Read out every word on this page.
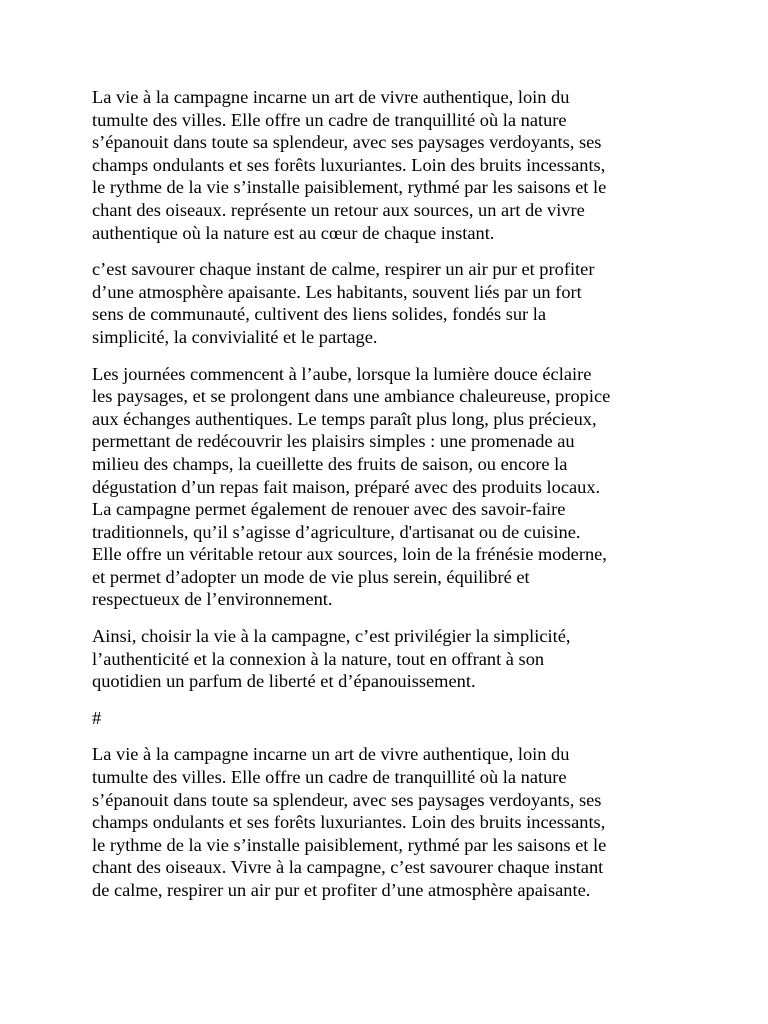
La vie à la campagne incarne un art de vivre authentique, loin du
tumulte des villes. Elle offre un cadre de tranquillité où la nature
s’épanouit dans toute sa splendeur, avec ses paysages verdoyants, ses
champs ondulants et ses forêts luxuriantes. Loin des bruits incessants,
le rythme de la vie s’installe paisiblement, rythmé par les saisons et le
chant des oiseaux. représente un retour aux sources, un art de vivre
authentique où la nature est au cœur de chaque instant.

c’est savourer chaque instant de calme, respirer un air pur et profiter
d’une atmosphère apaisante. Les habitants, souvent liés par un fort
sens de communauté, cultivent des liens solides, fondés sur la
simplicité, la convivialité et le partage.

Les journées commencent à l’aube, lorsque la lumière douce éclaire
les paysages, et se prolongent dans une ambiance chaleureuse, propice
aux échanges authentiques. Le temps paraît plus long, plus précieux,
permettant de redécouvrir les plaisirs simples : une promenade au
milieu des champs, la cueillette des fruits de saison, ou encore la
dégustation d’un repas fait maison, préparé avec des produits locaux.
La campagne permet également de renouer avec des savoir-faire
traditionnels, qu’il s’agisse d’agriculture, d'artisanat ou de cuisine.
Elle offre un véritable retour aux sources, loin de la frénésie moderne,
et permet d’adopter un mode de vie plus serein, équilibré et
respectueux de l’environnement.

Ainsi, choisir la vie à la campagne, c’est privilégier la simplicité,
l’authenticité et la connexion à la nature, tout en offrant à son
quotidien un parfum de liberté et d’épanouissement.

#

La vie à la campagne incarne un art de vivre authentique, loin du
tumulte des villes. Elle offre un cadre de tranquillité où la nature
s’épanouit dans toute sa splendeur, avec ses paysages verdoyants, ses
champs ondulants et ses forêts luxuriantes. Loin des bruits incessants,
le rythme de la vie s’installe paisiblement, rythmé par les saisons et le
chant des oiseaux. Vivre à la campagne, c’est savourer chaque instant
de calme, respirer un air pur et profiter d’une atmosphère apaisante.
